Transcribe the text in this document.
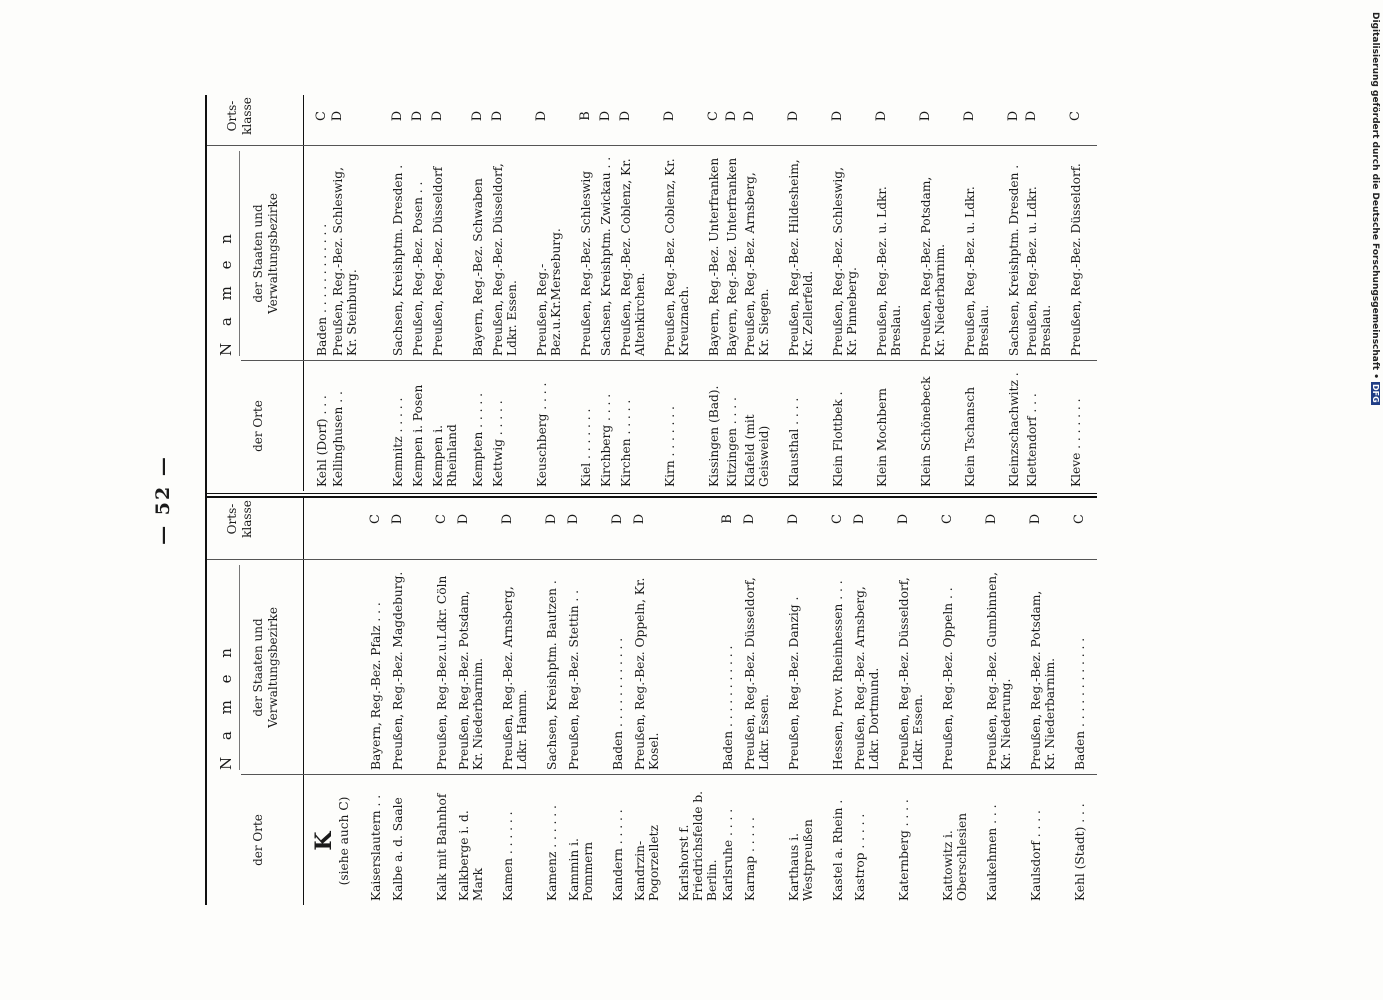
— 52 —
N a m e n
der Orte
der Staaten und Verwaltungsbezirke
Orts-klasse
K (siehe auch C) Kaiserslautern . .
Bayern, Reg.-Bez. Pfalz . . .
C
Kalbe a. d. Saale
Preußen, Reg.-Bez. Magdeburg.
D
Kalk mit Bahnhof
Preußen, Reg.-Bez.u.Ldkr. Cöln
C
Kalkberge i. d. Mark
Preußen, Reg.-Bez. Potsdam, Kr. Niederbarnim.
D
Kamen . . . . . .
Preußen, Reg.-Bez. Arnsberg, Ldkr. Hamm.
D
Kamenz . . . . . .
Sachsen, Kreishptm. Bautzen .
D
Kammin i. Pommern
Preußen, Reg.-Bez. Stettin . .
D
Kandern . . . . .
Baden . . . . . . . . . . . .
D
Kandrzin-Pogorzelletz
Preußen, Reg.-Bez. Oppeln, Kr. Kosel.
D
Karlshorst f. Friedrichsfelde b. Berlin. Karlsruhe . . . .
Baden . . . . . . . . . . .
B
Karnap . . . . .
Preußen, Reg.-Bez. Düsseldorf, Ldkr. Essen.
D
Karthaus i. Westpreußen
Preußen, Reg.-Bez. Danzig .
D
Kastel a. Rhein .
Hessen, Prov. Rheinhessen . . .
C
Kastrop . . . . .
Preußen, Reg.-Bez. Arnsberg, Ldkr. Dortmund.
D
Katernberg . . . .
Preußen, Reg.-Bez. Düsseldorf, Ldkr. Essen.
D
Kattowitz i. Oberschlesien
Preußen, Reg.-Bez. Oppeln . .
C
Kaukehmen . . .
Preußen, Reg.-Bez. Gumbinnen, Kr. Niederung.
D
Kaulsdorf . . . .
Preußen, Reg.-Bez. Potsdam, Kr. Niederbarnim.
D
Kehl (Stadt) . . .
Baden . . . . . . . . . . . .
C
N a m e n
der Orte
der Staaten und Verwaltungsbezirke
Orts-klasse
Kehl (Dorf) . . .
Baden . . . . . . . . . . . .
C
Kellinghusen . .
Preußen, Reg.-Bez. Schleswig, Kr. Steinburg.
D
Kemnitz . . . . .
Sachsen, Kreishptm. Dresden .
D
Kempen i. Posen
Preußen, Reg.-Bez. Posen . .
D
Kempen i. Rheinland
Preußen, Reg.-Bez. Düsseldorf
D
Kempten . . . . .
Bayern, Reg.-Bez. Schwaben
D
Kettwig . . . . .
Preußen, Reg.-Bez. Düsseldorf, Ldkr. Essen.
D
Keuschberg . . . .
Preußen, Reg.-Bez.u.Kr.Merseburg.
D
Kiel . . . . . . .
Preußen, Reg.-Bez. Schleswig
B
Kirchberg . . . .
Sachsen, Kreishptm. Zwickau . .
D
Kirchen . . . . .
Preußen, Reg.-Bez. Coblenz, Kr. Altenkirchen.
D
Kirn . . . . . . .
Preußen, Reg.-Bez. Coblenz, Kr. Kreuznach.
D
Kissingen (Bad).
Bayern, Reg.-Bez. Unterfranken
C
Kitzingen . . . .
Bayern, Reg.-Bez. Unterfranken
D
Klafeld (mit Geisweid)
Preußen, Reg.-Bez. Arnsberg, Kr. Siegen.
D
Klausthal . . . .
Preußen, Reg.-Bez. Hildesheim, Kr. Zellerfeld.
D
Klein Flottbek .
Preußen, Reg.-Bez. Schleswig, Kr. Pinneberg.
D
Klein Mochbern
Preußen, Reg.-Bez. u. Ldkr. Breslau.
D
Klein Schönebeck
Preußen, Reg.-Bez. Potsdam, Kr. Niederbarnim.
D
Klein Tschansch
Preußen, Reg.-Bez. u. Ldkr. Breslau.
D
Kleinzschachwitz .
Sachsen, Kreishptm. Dresden .
D
Klettendorf . . .
Preußen, Reg.-Bez. u. Ldkr. Breslau.
D
Kleve . . . . . . .
Preußen, Reg.-Bez. Düsseldorf.
C	Digitalisierung gefördert durch die Deutsche Forschungsgemeinschaft •DFG
